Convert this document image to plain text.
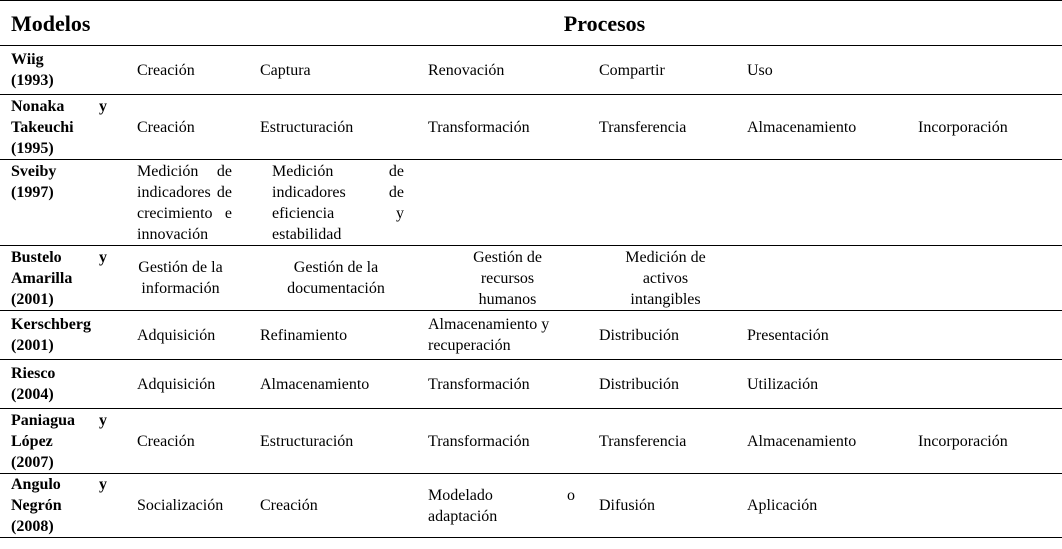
Modelos	Procesos					
Wiig
(1993)	Creación	Captura	Renovación	Compartir	Uso	

Nonaka y
Takeuchi
(1995)	Creación	Estructuración	Transformación	Transferencia	Almacenamiento	Incorporación

Sveiby
(1997)	Medición de indicadores de crecimiento e innovación	Medición de indicadores de eficiencia y estabilidad				

Bustelo y
Amarilla
(2001)	Gestión de la información	Gestión de la documentación	Gestión de recursos humanos	Medición de activos intangibles		

Kerschberg
(2001)	Adquisición	Refinamiento	Almacenamiento y recuperación	Distribución	Presentación	

Riesco
(2004)	Adquisición	Almacenamiento	Transformación	Distribución	Utilización	

Paniagua y
López
(2007)	Creación	Estructuración	Transformación	Transferencia	Almacenamiento	Incorporación

Angulo y
Negrón
(2008)	Socialización	Creación	Modelado o adaptación	Difusión	Aplicación	
